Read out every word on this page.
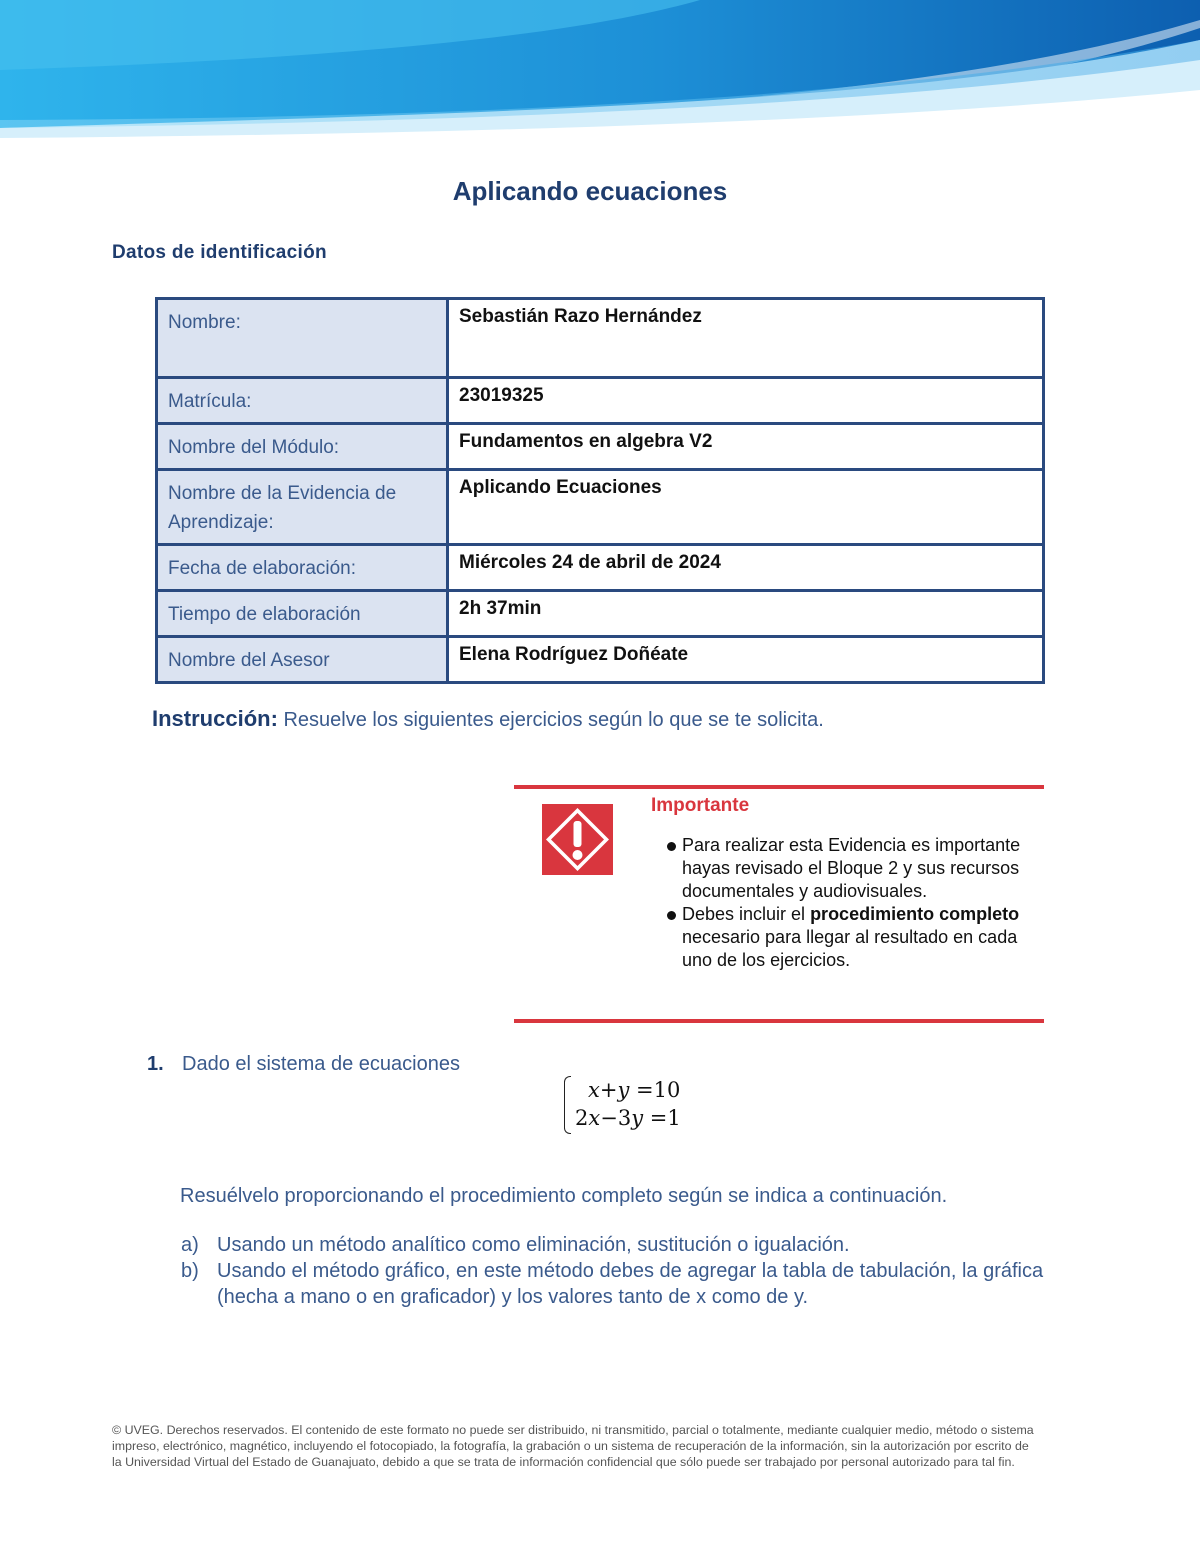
Aplicando ecuaciones
Datos de identificación
Nombre:	Sebastián Razo Hernández
Matrícula:	23019325
Nombre del Módulo:	Fundamentos en algebra V2
Nombre de la Evidencia de Aprendizaje:	Aplicando Ecuaciones
Fecha de elaboración:	Miércoles 24 de abril de 2024
Tiempo de elaboración	2h 37min
Nombre del Asesor	Elena Rodríguez Doñéate
Instrucción: Resuelve los siguientes ejercicios según lo que se te solicita.
Importante
Para realizar esta Evidencia es importante hayas revisado el Bloque 2 y sus recursos documentales y audiovisuales.
Debes incluir el procedimiento completo necesario para llegar al resultado en cada uno de los ejercicios.
1. Dado el sistema de ecuaciones
x+y =10
2x−3y =1
Resuélvelo proporcionando el procedimiento completo según se indica a continuación.
a) Usando un método analítico como eliminación, sustitución o igualación.
b) Usando el método gráfico, en este método debes de agregar la tabla de tabulación, la gráfica (hecha a mano o en graficador) y los valores tanto de x como de y.
© UVEG. Derechos reservados. El contenido de este formato no puede ser distribuido, ni transmitido, parcial o totalmente, mediante cualquier medio, método o sistema impreso, electrónico, magnético, incluyendo el fotocopiado, la fotografía, la grabación o un sistema de recuperación de la información, sin la autorización por escrito de la Universidad Virtual del Estado de Guanajuato, debido a que se trata de información confidencial que sólo puede ser trabajado por personal autorizado para tal fin.
